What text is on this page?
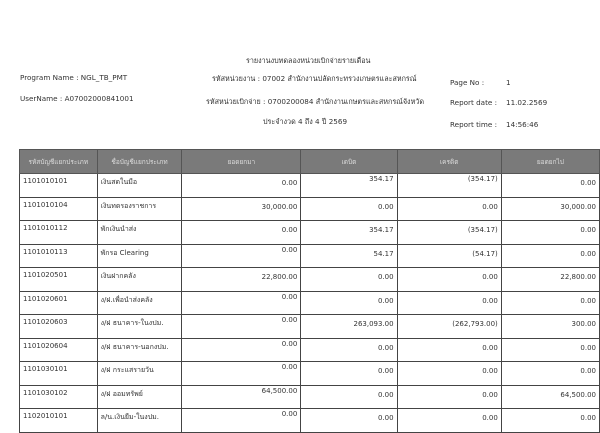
รายงานงบทดลองหน่วยเบิกจ่ายรายเดือน
Program Name : NGL_TB_PMT
UserName : A07002000841001
รหัสหน่วยงาน : 07002 สำนักงานปลัดกระทรวงเกษตรและสหกรณ์
รหัสหน่วยเบิกจ่าย : 0700200084 สำนักงานเกษตรและสหกรณ์จังหวัด
ประจำงวด 4 ถึง 4 ปี 2569
Page No :	1
Report date : 11.02.2569
Report time : 14:56:46
รหัสบัญชีแยกประเภท	ชื่อบัญชีแยกประเภท	ยอดยกมา	เดบิต	เครดิต	ยอดยกไป
1101010101	เงินสดในมือ	0.00	354.17	(354.17)	0.00

1101010104	เงินทดรองราชการ	30,000.00	0.00	0.00	30,000.00

1101010112	พักเงินนำส่ง	0.00	354.17	(354.17)	0.00

1101010113	พักรอ Clearing	0.00	54.17	(54.17)	0.00

1101020501	เงินฝากคลัง	22,800.00	0.00	0.00	22,800.00

1101020601	ง/ฝ.เพื่อนำส่งคลัง	0.00	0.00	0.00	0.00

1101020603	ง/ฝ ธนาคาร-ในงปม.	0.00	263,093.00	(262,793.00)	300.00

1101020604	ง/ฝ ธนาคาร-นอกงปม.	0.00	0.00	0.00	0.00

1101030101	ง/ฝ กระแสรายวัน	0.00	0.00	0.00	0.00

1101030102	ง/ฝ ออมทรัพย์	64,500.00	0.00	0.00	64,500.00

1102010101	ล/น.เงินยืม-ในงปม.	0.00	0.00	0.00	0.00
